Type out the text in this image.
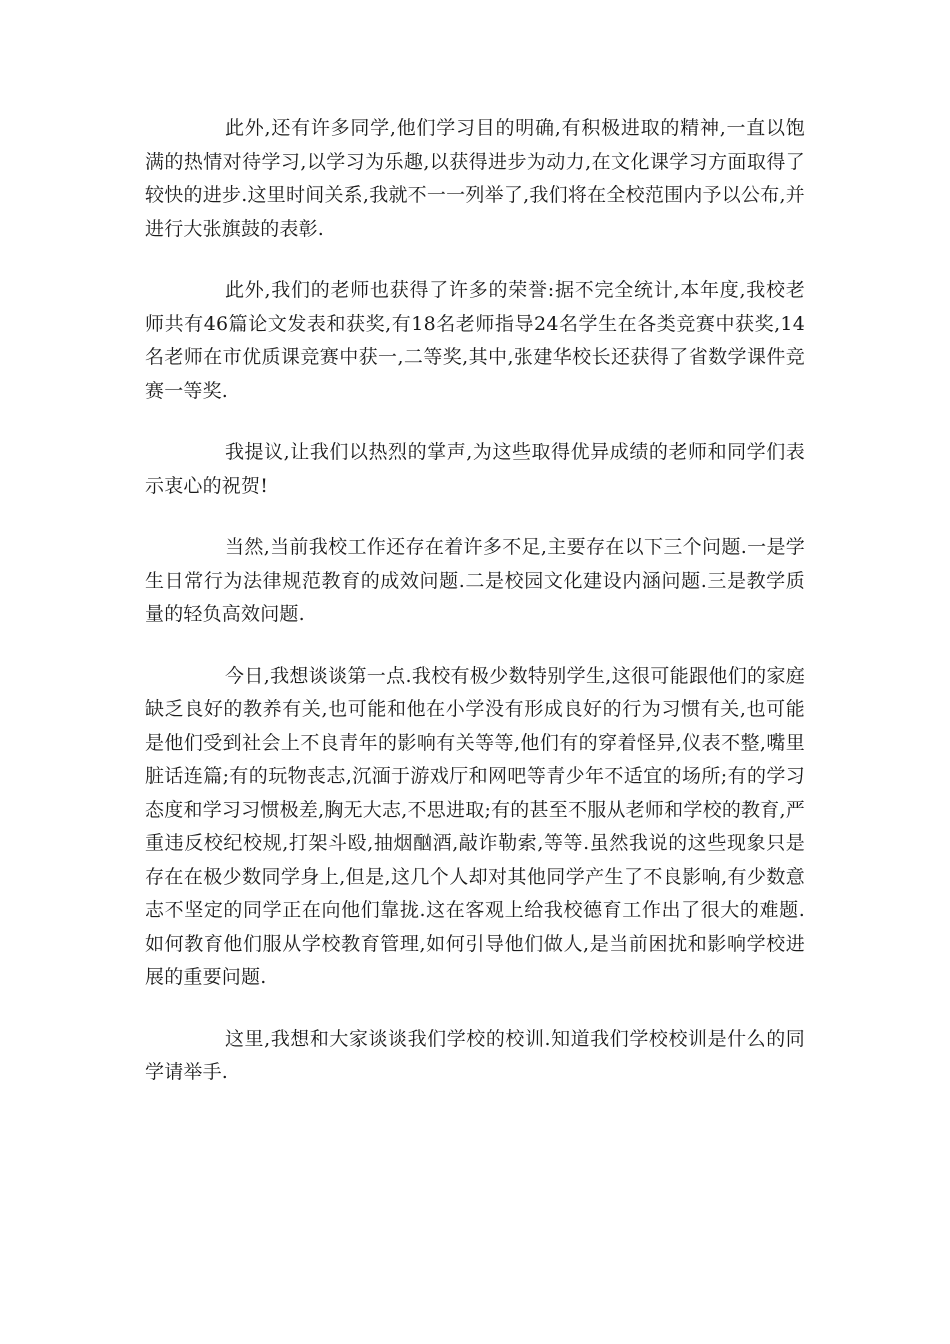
此外,还有许多同学,他们学习目的明确,有积极进取的精神,一直以饱满的热情对待学习,以学习为乐趣,以获得进步为动力,在文化课学习方面取得了较快的进步.这里时间关系,我就不一一列举了,我们将在全校范围内予以公布,并进行大张旗鼓的表彰.

此外,我们的老师也获得了许多的荣誉:据不完全统计,本年度,我校老师共有46篇论文发表和获奖,有18名老师指导24名学生在各类竞赛中获奖,14名老师在市优质课竞赛中获一,二等奖,其中,张建华校长还获得了省数学课件竞赛一等奖.

我提议,让我们以热烈的掌声,为这些取得优异成绩的老师和同学们表示衷心的祝贺!

当然,当前我校工作还存在着许多不足,主要存在以下三个问题.一是学生日常行为法律规范教育的成效问题.二是校园文化建设内涵问题.三是教学质量的轻负高效问题.

今日,我想谈谈第一点.我校有极少数特别学生,这很可能跟他们的家庭缺乏良好的教养有关,也可能和他在小学没有形成良好的行为习惯有关,也可能是他们受到社会上不良青年的影响有关等等,他们有的穿着怪异,仪表不整,嘴里脏话连篇;有的玩物丧志,沉湎于游戏厅和网吧等青少年不适宜的场所;有的学习态度和学习习惯极差,胸无大志,不思进取;有的甚至不服从老师和学校的教育,严重违反校纪校规,打架斗殴,抽烟酗酒,敲诈勒索,等等.虽然我说的这些现象只是存在在极少数同学身上,但是,这几个人却对其他同学产生了不良影响,有少数意志不坚定的同学正在向他们靠拢.这在客观上给我校德育工作出了很大的难题.如何教育他们服从学校教育管理,如何引导他们做人,是当前困扰和影响学校进展的重要问题.

这里,我想和大家谈谈我们学校的校训.知道我们学校校训是什么的同学请举手.
